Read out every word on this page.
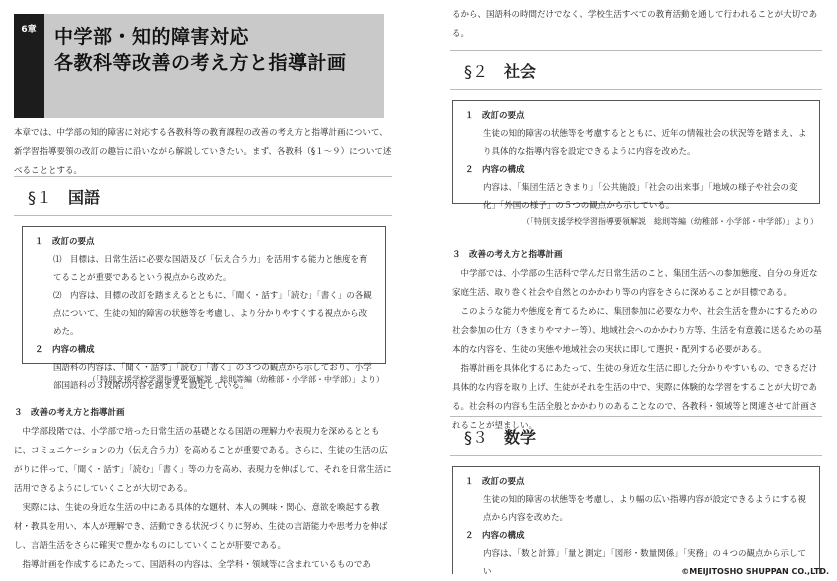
6章 中学部・知的障害対応
各教科等改善の考え方と指導計画
本章では、中学部の知的障害に対応する各教科等の教育課程の改善の考え方と指導計画について、新学習指導要領の改訂の趣旨に沿いながら解説していきたい。まず、各教科（§１～９）について述べることとする。
§１ 国語
１　改訂の要点
⑴　目標は、日常生活に必要な国語及び「伝え合う力」を活用する能力と態度を育てることが重要であるという視点から改めた。
⑵　内容は、目標の改訂を踏まえるとともに、「聞く・話す」「読む」「書く」の各観点について、生徒の知的障害の状態等を考慮し、より分かりやすくする視点から改めた。
２　内容の構成
国語科の内容は、「聞く・話す」「読む」「書く」の３つの観点から示しており、小学部国語科の３段階の内容を踏まえて設定している。
（「特別支援学校学習指導要領解説　総則等編（幼稚部・小学部・中学部）」より）
３　改善の考え方と指導計画
中学部段階では、小学部で培った日常生活の基礎となる国語の理解力や表現力を深めるとともに、コミュニケーションの力（伝え合う力）を高めることが重要である。さらに、生徒の生活の広がりに伴って、「聞く・話す」「読む」「書く」等の力を高め、表現力を伸ばして、それを日常生活に活用できるようにしていくことが大切である。
実際には、生徒の身近な生活の中にある具体的な題材、本人の興味・関心、意欲を喚起する教材・教具を用い、本人が理解でき、活動できる状況づくりに努め、生徒の言語能力や思考力を伸ばし、言語生活をさらに確実で豊かなものにしていくことが肝要である。
指導計画を作成するにあたって、国語科の内容は、全学科・領域等に含まれているものであ
るから、国語科の時間だけでなく、学校生活すべての教育活動を通して行われることが大切である。
§２ 社会
１　改訂の要点
生徒の知的障害の状態等を考慮するとともに、近年の情報社会の状況等を踏まえ、より具体的な指導内容を設定できるように内容を改めた。
２　内容の構成
内容は、「集団生活ときまり」「公共施設」「社会の出来事」「地域の様子や社会の変化」「外国の様子」の５つの観点から示している。
（「特別支援学校学習指導要領解説　総則等編（幼稚部・小学部・中学部）」より）
３　改善の考え方と指導計画
中学部では、小学部の生活科で学んだ日常生活のこと、集団生活への参加態度、自分の身近な家庭生活、取り巻く社会や自然とのかかわり等の内容をさらに深めることが目標である。
このような能力や態度を育てるために、集団参加に必要な力や、社会生活を豊かにするための社会参加の仕方（きまりやマナー等）、地域社会へのかかわり方等、生活を有意義に送るための基本的な内容を、生徒の実態や地域社会の実状に即して選択・配列する必要がある。
指導計画を具体化するにあたって、生徒の身近な生活に即した分かりやすいもの、できるだけ具体的な内容を取り上げ、生徒がそれを生活の中で、実際に体験的な学習をすることが大切である。社会科の内容も生活全般とかかわりのあることなので、各教科・領域等と関連させて計画されることが望ましい。
§３ 数学
１　改訂の要点
生徒の知的障害の状態等を考慮し、より幅の広い指導内容が設定できるようにする視点から内容を改めた。
２　内容の構成
内容は、「数と計算」「量と測定」「図形・数量関係」「実務」の４つの観点から示してい	©MEIJITOSHO SHUPPAN CO.,LTD.
